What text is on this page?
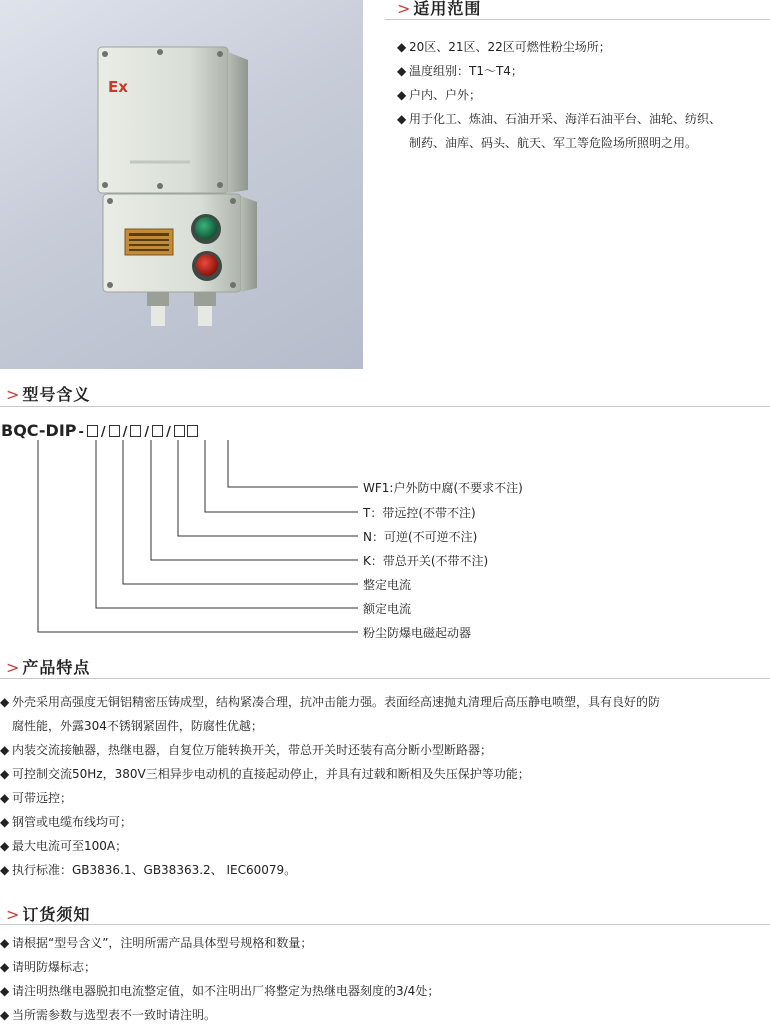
Ex
> 适用范围
◆ 20区、21区、22区可燃性粉尘场所；
◆ 温度组别：T1～T4；
◆ 户内、户外；
◆ 用于化工、炼油、石油开采、海洋石油平台、油轮、纺织、
制药、油库、码头、航天、军工等危险场所照明之用。
> 型号含义
BQC-DIP - / / / /
WF1:户外防中腐(不要求不注)
T：带远控(不带不注)
N：可逆(不可逆不注)
K：带总开关(不带不注)
整定电流
额定电流
粉尘防爆电磁起动器
> 产品特点
◆ 外壳采用高强度无铜铝精密压铸成型，结构紧凑合理，抗冲击能力强。表面经高速抛丸清理后高压静电喷塑，具有良好的防
腐性能，外露304不锈钢紧固件，防腐性优越；
◆ 内装交流接触器，热继电器，自复位万能转换开关，带总开关时还装有高分断小型断路器；
◆ 可控制交流50Hz，380V三相异步电动机的直接起动停止，并具有过载和断相及失压保护等功能；
◆ 可带远控；
◆ 钢管或电缆布线均可；
◆ 最大电流可至100A；
◆ 执行标准：GB3836.1、GB38363.2、 IEC60079。
> 订货须知
◆ 请根据“型号含义”，注明所需产品具体型号规格和数量；
◆ 请明防爆标志；
◆ 请注明热继电器脱扣电流整定值，如不注明出厂将整定为热继电器刻度的3/4处；
◆ 当所需参数与选型表不一致时请注明。
